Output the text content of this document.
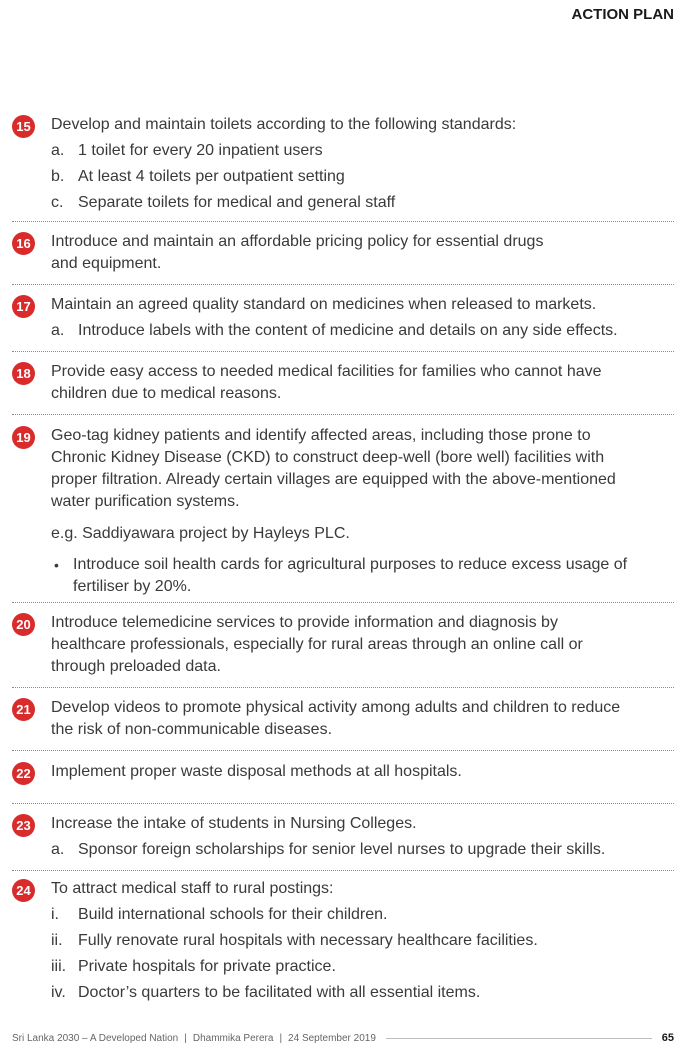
ACTION PLAN
15 Develop and maintain toilets according to the following standards:
a. 1 toilet for every 20 inpatient users
b. At least 4 toilets per outpatient setting
c. Separate toilets for medical and general staff
16 Introduce and maintain an affordable pricing policy for essential drugs
and equipment.
17 Maintain an agreed quality standard on medicines when released to markets.
a. Introduce labels with the content of medicine and details on any side effects.
18 Provide easy access to needed medical facilities for families who cannot have
children due to medical reasons.
19 Geo-tag kidney patients and identify affected areas, including those prone to
Chronic Kidney Disease (CKD) to construct deep-well (bore well) facilities with
proper filtration. Already certain villages are equipped with the above-mentioned
water purification systems.
e.g. Saddiyawara project by Hayleys PLC.
• Introduce soil health cards for agricultural purposes to reduce excess usage of
fertiliser by 20%.
20 Introduce telemedicine services to provide information and diagnosis by
healthcare professionals, especially for rural areas through an online call or
through preloaded data.
21 Develop videos to promote physical activity among adults and children to reduce
the risk of non-communicable diseases.
22 Implement proper waste disposal methods at all hospitals.
23 Increase the intake of students in Nursing Colleges.
a. Sponsor foreign scholarships for senior level nurses to upgrade their skills.
24 To attract medical staff to rural postings:
i.	Build international schools for their children.
ii. Fully renovate rural hospitals with necessary healthcare facilities.
iii. Private hospitals for private practice.
iv. Doctor’s quarters to be facilitated with all essential items.
Sri Lanka 2030 – A Developed Nation | Dhammika Perera | 24 September 2019	65
